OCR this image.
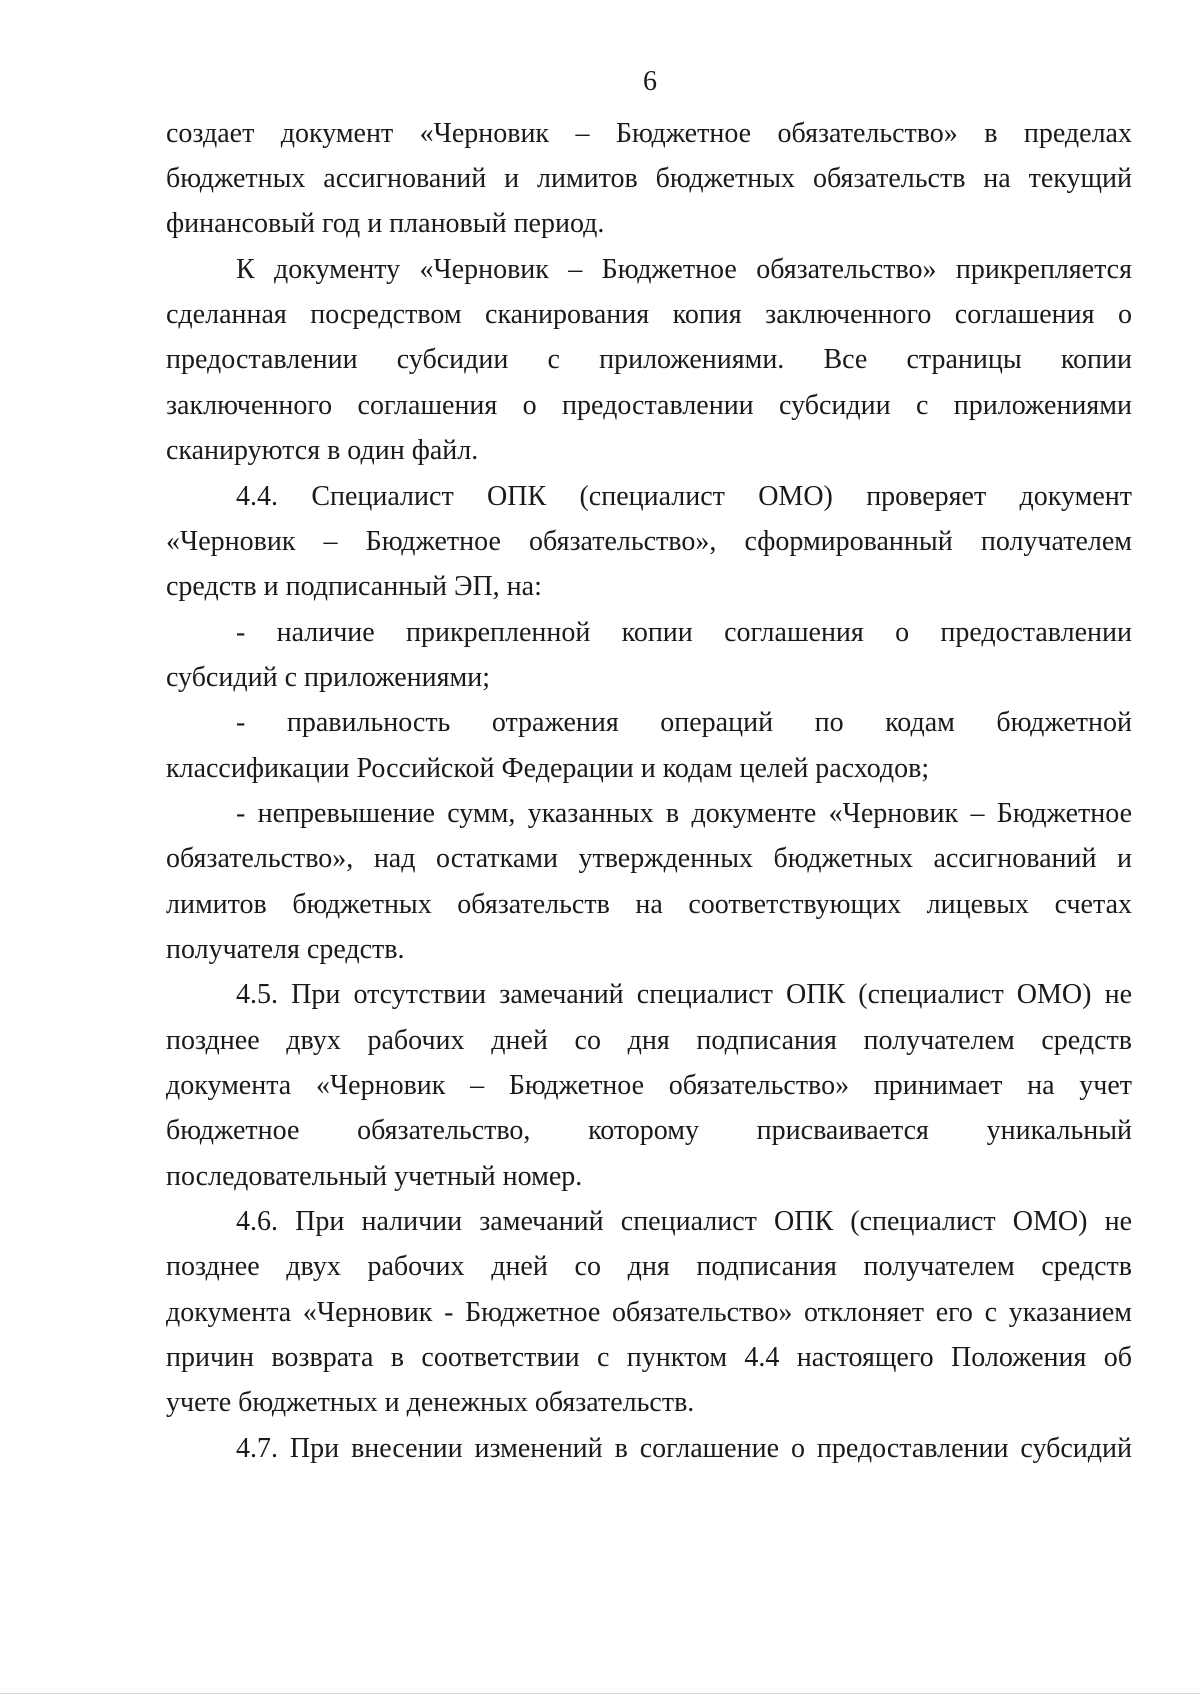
6
создает документ «Черновик – Бюджетное обязательство» в пределах
бюджетных ассигнований и лимитов бюджетных обязательств на текущий
финансовый год и плановый период.
К документу «Черновик – Бюджетное обязательство» прикрепляется
сделанная посредством сканирования копия заключенного соглашения о
предоставлении субсидии с приложениями. Все страницы копии
заключенного соглашения о предоставлении субсидии с приложениями
сканируются в один файл.
4.4. Специалист ОПК (специалист ОМО) проверяет документ
«Черновик – Бюджетное обязательство», сформированный получателем
средств и подписанный ЭП, на:
- наличие прикрепленной копии соглашения о предоставлении
субсидий с приложениями;
- правильность отражения операций по кодам бюджетной
классификации Российской Федерации и кодам целей расходов;
- непревышение сумм, указанных в документе «Черновик – Бюджетное
обязательство», над остатками утвержденных бюджетных ассигнований и
лимитов бюджетных обязательств на соответствующих лицевых счетах
получателя средств.
4.5. При отсутствии замечаний специалист ОПК (специалист ОМО) не
позднее двух рабочих дней со дня подписания получателем средств
документа «Черновик – Бюджетное обязательство» принимает на учет
бюджетное обязательство, которому присваивается уникальный
последовательный учетный номер.
4.6. При наличии замечаний специалист ОПК (специалист ОМО) не
позднее двух рабочих дней со дня подписания получателем средств
документа «Черновик - Бюджетное обязательство» отклоняет его с указанием
причин возврата в соответствии с пунктом 4.4 настоящего Положения об
учете бюджетных и денежных обязательств.
4.7. При внесении изменений в соглашение о предоставлении субсидий
